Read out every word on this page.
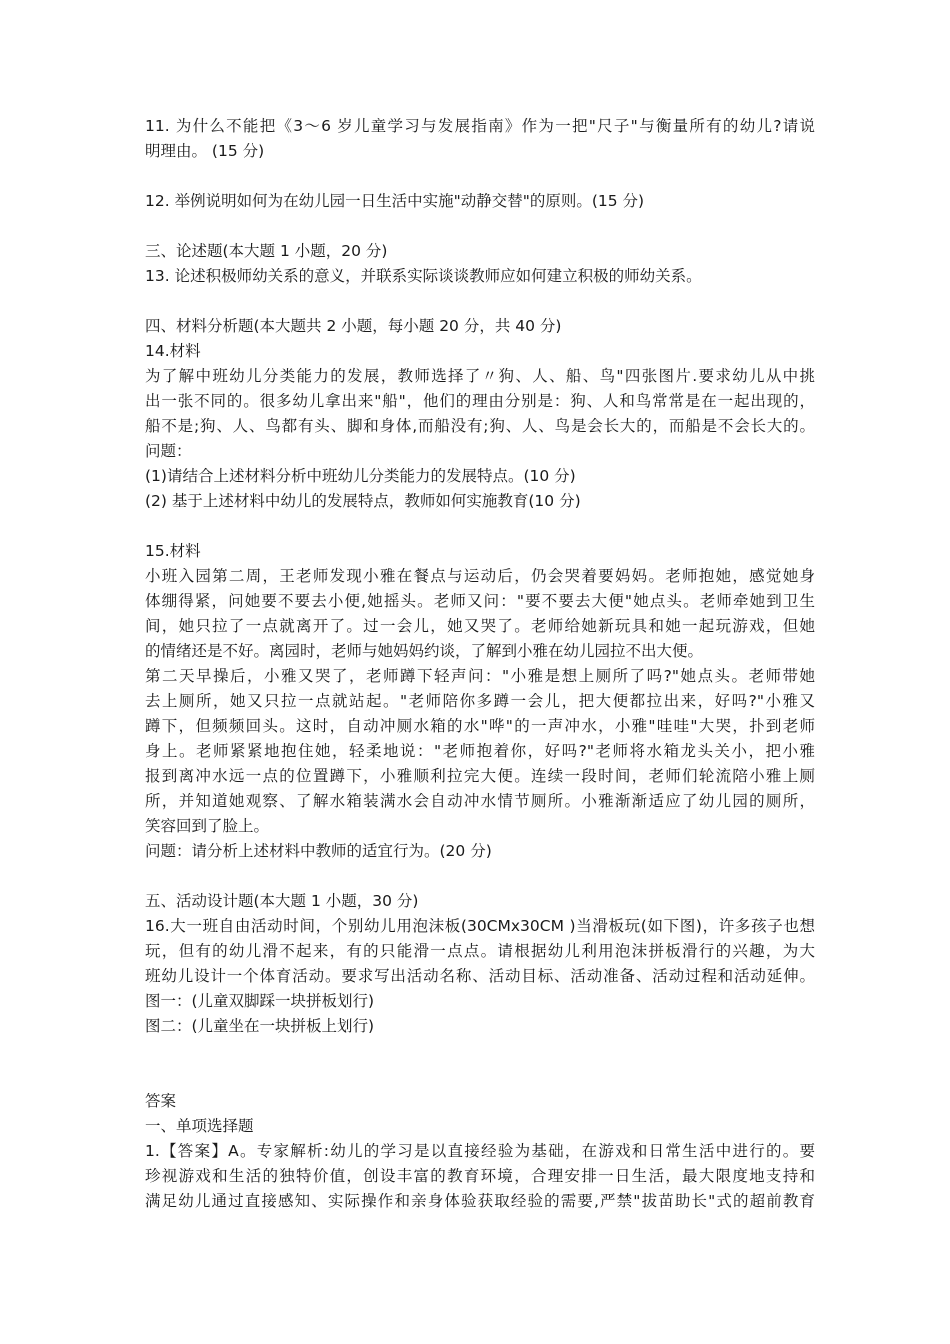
11. 为什么不能把《3～6 岁儿童学习与发展指南》作为一把"尺子"与衡量所有的幼儿?请说
明理由。 (15 分)
12. 举例说明如何为在幼儿园一日生活中实施"动静交替"的原则。(15 分)
三、论述题(本大题 1 小题，20 分)
13. 论述积极师幼关系的意义，并联系实际谈谈教师应如何建立积极的师幼关系。
四、材料分析题(本大题共 2 小题，每小题 20 分，共 40 分)
14.材料
为了解中班幼儿分类能力的发展，教师选择了〃狗、人、船、鸟"四张图片.要求幼儿从中挑
出一张不同的。很多幼儿拿出来"船"，他们的理由分别是：狗、人和鸟常常是在一起出现的，
船不是;狗、人、鸟都有头、脚和身体,而船没有;狗、人、鸟是会长大的，而船是不会长大的。
问题：
(1)请结合上述材料分析中班幼儿分类能力的发展特点。(10 分)
(2) 基于上述材料中幼儿的发展特点，教师如何实施教育(10 分)
15.材料
小班入园第二周，王老师发现小雅在餐点与运动后，仍会哭着要妈妈。老师抱她，感觉她身
体绷得紧，问她要不要去小便,她摇头。老师又问："要不要去大便"她点头。老师牵她到卫生
间，她只拉了一点就离开了。过一会儿，她又哭了。老师给她新玩具和她一起玩游戏，但她
的情绪还是不好。离园时，老师与她妈妈约谈，了解到小雅在幼儿园拉不出大便。
第二天早操后，小雅又哭了，老师蹲下轻声问："小雅是想上厕所了吗?"她点头。老师带她
去上厕所，她又只拉一点就站起。"老师陪你多蹲一会儿，把大便都拉出来，好吗?"小雅又
蹲下，但频频回头。这时，自动冲厕水箱的水"哗"的一声冲水，小雅"哇哇"大哭，扑到老师
身上。老师紧紧地抱住她，轻柔地说："老师抱着你，好吗?"老师将水箱龙头关小，把小雅
报到离冲水远一点的位置蹲下，小雅顺利拉完大便。连续一段时间，老师们轮流陪小雅上厕
所，并知道她观察、了解水箱装满水会自动冲水情节厕所。小雅渐渐适应了幼儿园的厕所，
笑容回到了脸上。
问题：请分析上述材料中教师的适宜行为。(20 分)
五、活动设计题(本大题 1 小题，30 分)
16.大一班自由活动时间，个别幼儿用泡沫板(30CMx30CM )当滑板玩(如下图)，许多孩子也想
玩，但有的幼儿滑不起来，有的只能滑一点点。请根据幼儿利用泡沫拼板滑行的兴趣，为大
班幼儿设计一个体育活动。要求写出活动名称、活动目标、活动准备、活动过程和活动延伸。
图一：(儿童双脚踩一块拼板划行)
图二：(儿童坐在一块拼板上划行)
答案
一、单项选择题
1.【答案】A。专家解析:幼儿的学习是以直接经验为基础，在游戏和日常生活中进行的。要
珍视游戏和生活的独特价值，创设丰富的教育环境，合理安排一日生活，最大限度地支持和
满足幼儿通过直接感知、实际操作和亲身体验获取经验的需要,严禁"拔苗助长"式的超前教育
